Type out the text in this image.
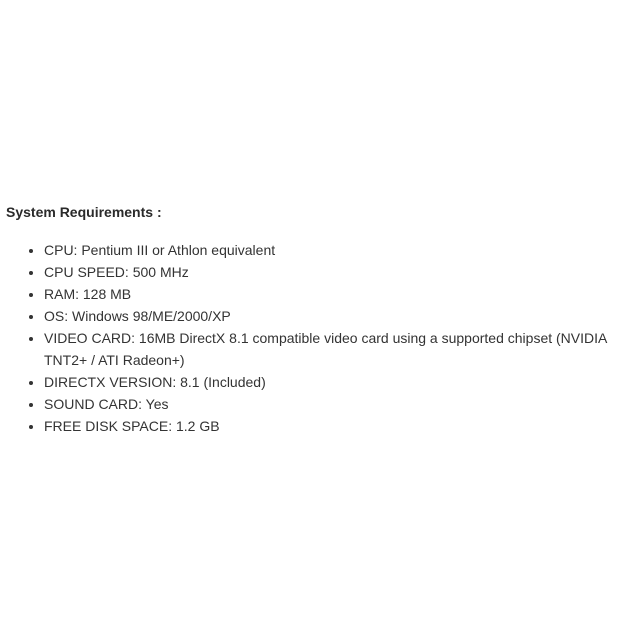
System Requirements :
• CPU: Pentium III or Athlon equivalent
• CPU SPEED: 500 MHz
• RAM: 128 MB
• OS: Windows 98/ME/2000/XP
• VIDEO CARD: 16MB DirectX 8.1 compatible video card using a supported chipset (NVIDIA TNT2+ / ATI Radeon+)
• DIRECTX VERSION: 8.1 (Included)
• SOUND CARD: Yes
• FREE DISK SPACE: 1.2 GB
